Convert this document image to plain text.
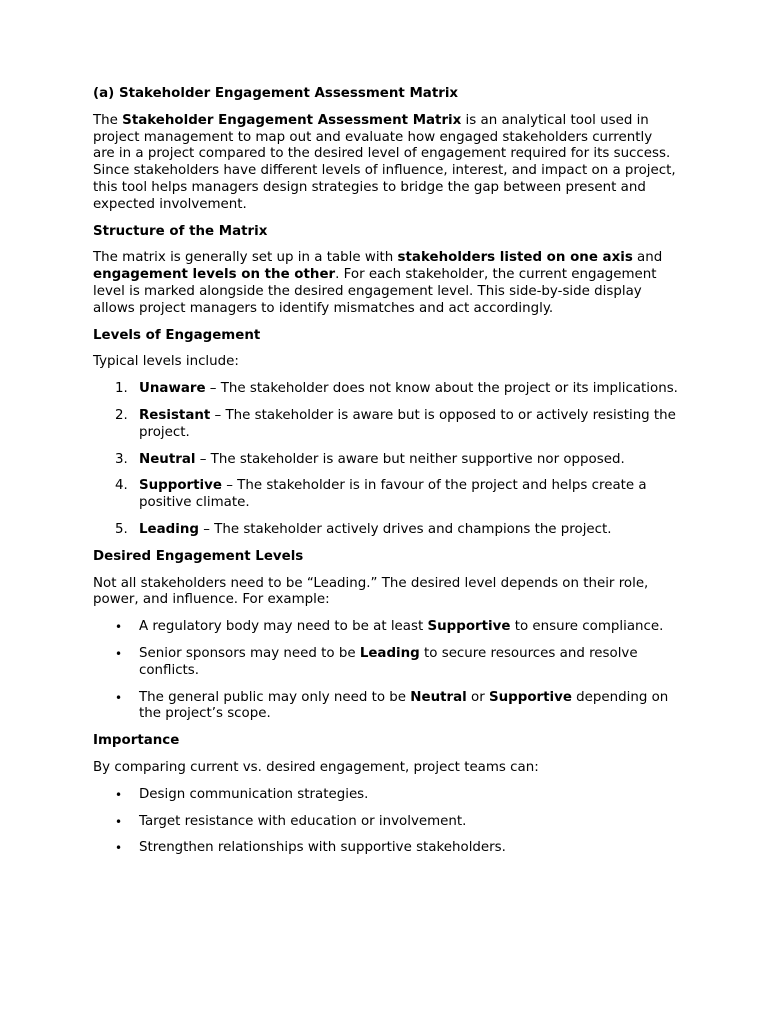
(a) Stakeholder Engagement Assessment Matrix
The Stakeholder Engagement Assessment Matrix is an analytical tool used in project management to map out and evaluate how engaged stakeholders currently are in a project compared to the desired level of engagement required for its success. Since stakeholders have different levels of influence, interest, and impact on a project, this tool helps managers design strategies to bridge the gap between present and expected involvement.
Structure of the Matrix
The matrix is generally set up in a table with stakeholders listed on one axis and engagement levels on the other. For each stakeholder, the current engagement level is marked alongside the desired engagement level. This side-by-side display allows project managers to identify mismatches and act accordingly.
Levels of Engagement
Typical levels include:
1. Unaware – The stakeholder does not know about the project or its implications.
2. Resistant – The stakeholder is aware but is opposed to or actively resisting the project.
3. Neutral – The stakeholder is aware but neither supportive nor opposed.
4. Supportive – The stakeholder is in favour of the project and helps create a positive climate.
5. Leading – The stakeholder actively drives and champions the project.
Desired Engagement Levels
Not all stakeholders need to be “Leading.” The desired level depends on their role, power, and influence. For example:
• A regulatory body may need to be at least Supportive to ensure compliance.
• Senior sponsors may need to be Leading to secure resources and resolve conflicts.
• The general public may only need to be Neutral or Supportive depending on the project’s scope.
Importance
By comparing current vs. desired engagement, project teams can:
• Design communication strategies.
• Target resistance with education or involvement.
• Strengthen relationships with supportive stakeholders.
